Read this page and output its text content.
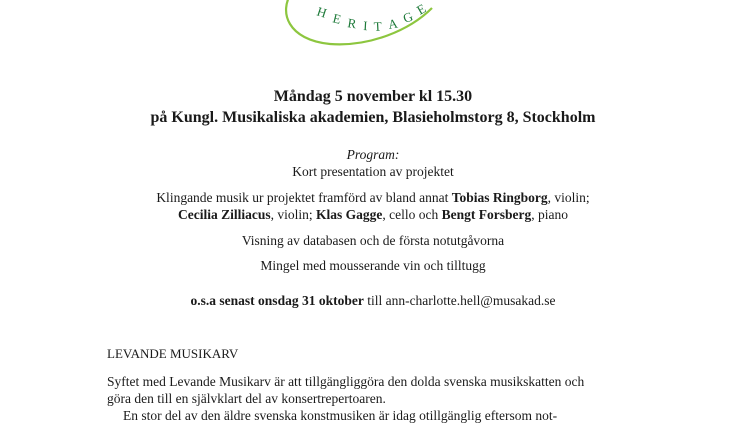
H E R I T A G E
Måndag 5 november kl 15.30
på Kungl. Musikaliska akademien, Blasieholmstorg 8, Stockholm
Program:
Kort presentation av projektet
Klingande musik ur projektet framförd av bland annat Tobias Ringborg, violin;
Cecilia Zilliacus, violin; Klas Gagge, cello och Bengt Forsberg, piano
Visning av databasen och de första notutgåvorna
Mingel med mousserande vin och tilltugg
o.s.a senast onsdag 31 oktober till ann-charlotte.hell@musakad.se
LEVANDE MUSIKARV
Syftet med Levande Musikarv är att tillgängliggöra den dolda svenska musikskatten och
göra den till en självklart del av konsertrepertoaren.
En stor del av den äldre svenska konstmusiken är idag otillgänglig eftersom not-
